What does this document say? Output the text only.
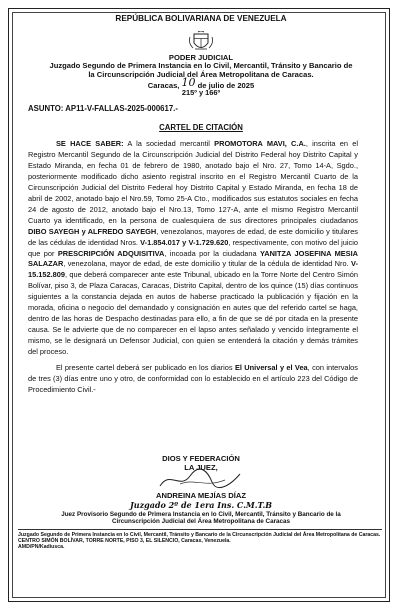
REPÚBLICA BOLIVARIANA DE VENEZUELA
PODER JUDICIAL
Juzgado Segundo de Primera Instancia en lo Civil, Mercantil, Tránsito y Bancario de
la Circunscripción Judicial del Área Metropolitana de Caracas.
Caracas, 10 de julio de 2025
215º y 166º
ASUNTO: AP11-V-FALLAS-2025-000617.-
CARTEL DE CITACIÓN

SE HACE SABER: A la sociedad mercantil PROMOTORA MAVI, C.A., inscrita en el Registro Mercantil Segundo de la Circunscripción Judicial del Distrito Federal hoy Distrito Capital y Estado Miranda, en fecha 01 de febrero de 1980, anotado bajo el Nro. 27, Tomo 14-A, Sgdo., posteriormente modificado dicho asiento registral inscrito en el Registro Mercantil Cuarto de la Circunscripción Judicial del Distrito Federal hoy Distrito Capital y Estado Miranda, en fecha 18 de abril de 2002, anotado bajo el Nro.59, Tomo 25-A Cto., modificados sus estatutos sociales en fecha 24 de agosto de 2012, anotado bajo el Nro.13, Tomo 127-A, ante el mismo Registro Mercantil Cuarto ya identificado, en la persona de cualesquiera de sus directores principales ciudadanos DIBO SAYEGH y ALFREDO SAYEGH, venezolanos, mayores de edad, de este domicilio y titulares de las cédulas de identidad Nros. V-1.854.017 y V-1.729.620, respectivamente, con motivo del juicio que por PRESCRIPCIÓN ADQUISITIVA, incoada por la ciudadana YANITZA JOSEFINA MESIA SALAZAR, venezolana, mayor de edad, de este domicilio y titular de la cédula de identidad Nro. V-15.152.809, que deberá comparecer ante este Tribunal, ubicado en la Torre Norte del Centro Simón Bolívar, piso 3, de Plaza Caracas, Caracas, Distrito Capital, dentro de los quince (15) días continuos siguientes a la constancia dejada en autos de haberse practicado la publicación y fijación en la morada, oficina o negocio del demandado y consignación en autes que del referido cartel se haga, dentro de las horas de Despacho destinadas para ello, a fin de que se dé por citada en la presente causa. Se le advierte que de no comparecer en el lapso antes señalado y vencido íntegramente el mismo, se le designará un Defensor Judicial, con quien se entenderá la citación y demás trámites del proceso.

El presente cartel deberá ser publicado en los diarios El Universal y el Vea, con intervalos de tres (3) días entre uno y otro, de conformidad con lo establecido en el artículo 223 del Código de Procedimiento Civil.-

DIOS Y FEDERACIÓN
LA JUEZ,
ANDREINA MEJÍAS DÍAZ
Juzgado 2º de 1era Ins. C.M.T.B
Juez Provisorio Segundo de Primera Instancia en lo Civil, Mercantil, Tránsito y Bancario de la
Circunscripción Judicial del Área Metropolitana de Caracas
Juzgado Segundo de Primera Instancia en lo Civil, Mercantil, Tránsito y Bancario de la Circunscripción Judicial del Área Metropolitana de Caracas. CENTRO SIMÓN BOLÍVAR, TORRE NORTE, PISO 3, EL SILENCIO, Caracas, Venezuela.
AMD/PN/Kadiusca.
